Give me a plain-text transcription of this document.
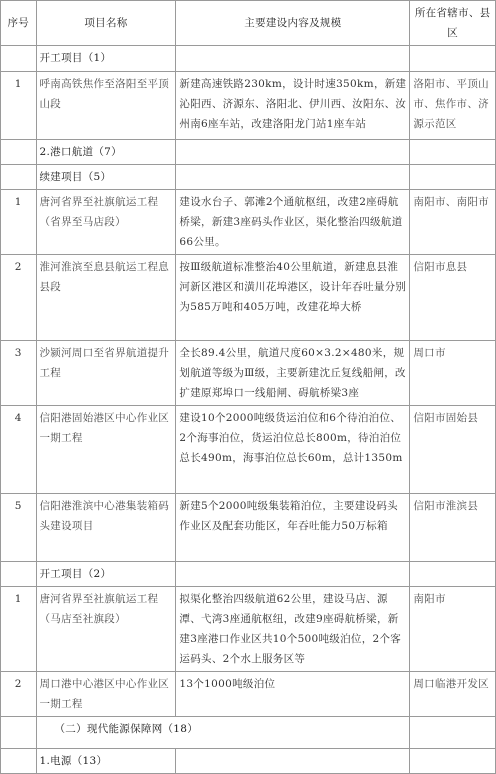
序号	项目名称	主要建设内容及规模	所在省辖市、县区
	开工项目（1）		
1	呼南高铁焦作至洛阳至平顶山段	新建高速铁路230km，设计时速350km，新建沁阳西、济源东、洛阳北、伊川西、汝阳东、汝州南6座车站，改建洛阳龙门站1座车站	洛阳市、平顶山市、焦作市、济源示范区
	2.港口航道（7）		
	续建项目（5）		
1	唐河省界至社旗航运工程（省界至马店段）	建设水台子、郭滩2个通航枢纽，改建2座碍航桥梁，新建3座码头作业区，渠化整治四级航道66公里。	南阳市、南阳市
2	淮河淮滨至息县航运工程息县段	按Ⅲ级航道标准整治40公里航道，新建息县淮河新区港区和潢川花埠港区，设计年吞吐量分别为585万吨和405万吨，改建花埠大桥	信阳市息县
3	沙颍河周口至省界航道提升工程	全长89.4公里，航道尺度60×3.2×480米，规划航道等级为Ⅲ级，主要新建沈丘复线船闸，改扩建原郑埠口一线船闸、碍航桥梁3座	周口市
4	信阳港固始港区中心作业区一期工程	建设10个2000吨级货运泊位和6个待泊泊位、2个海事泊位，货运泊位总长800m，待泊泊位总长490m，海事泊位总长60m，总计1350m	信阳市固始县
5	信阳港淮滨中心港集装箱码头建设项目	新建5个2000吨级集装箱泊位，主要建设码头作业区及配套功能区，年吞吐能力50万标箱	信阳市淮滨县
	开工项目（2）		
1	唐河省界至社旗航运工程（马店至社旗段）	拟渠化整治四级航道62公里，建设马店、源潭、弋湾3座通航枢纽，改建9座碍航桥梁，新建3座港口作业区共10个500吨级泊位，2个客运码头、2个水上服务区等	南阳市
2	周口港中心港区中心作业区一期工程	13个1000吨级泊位	周口临港开发区
	（二）现代能源保障网（18）		
	1.电源（13）		
